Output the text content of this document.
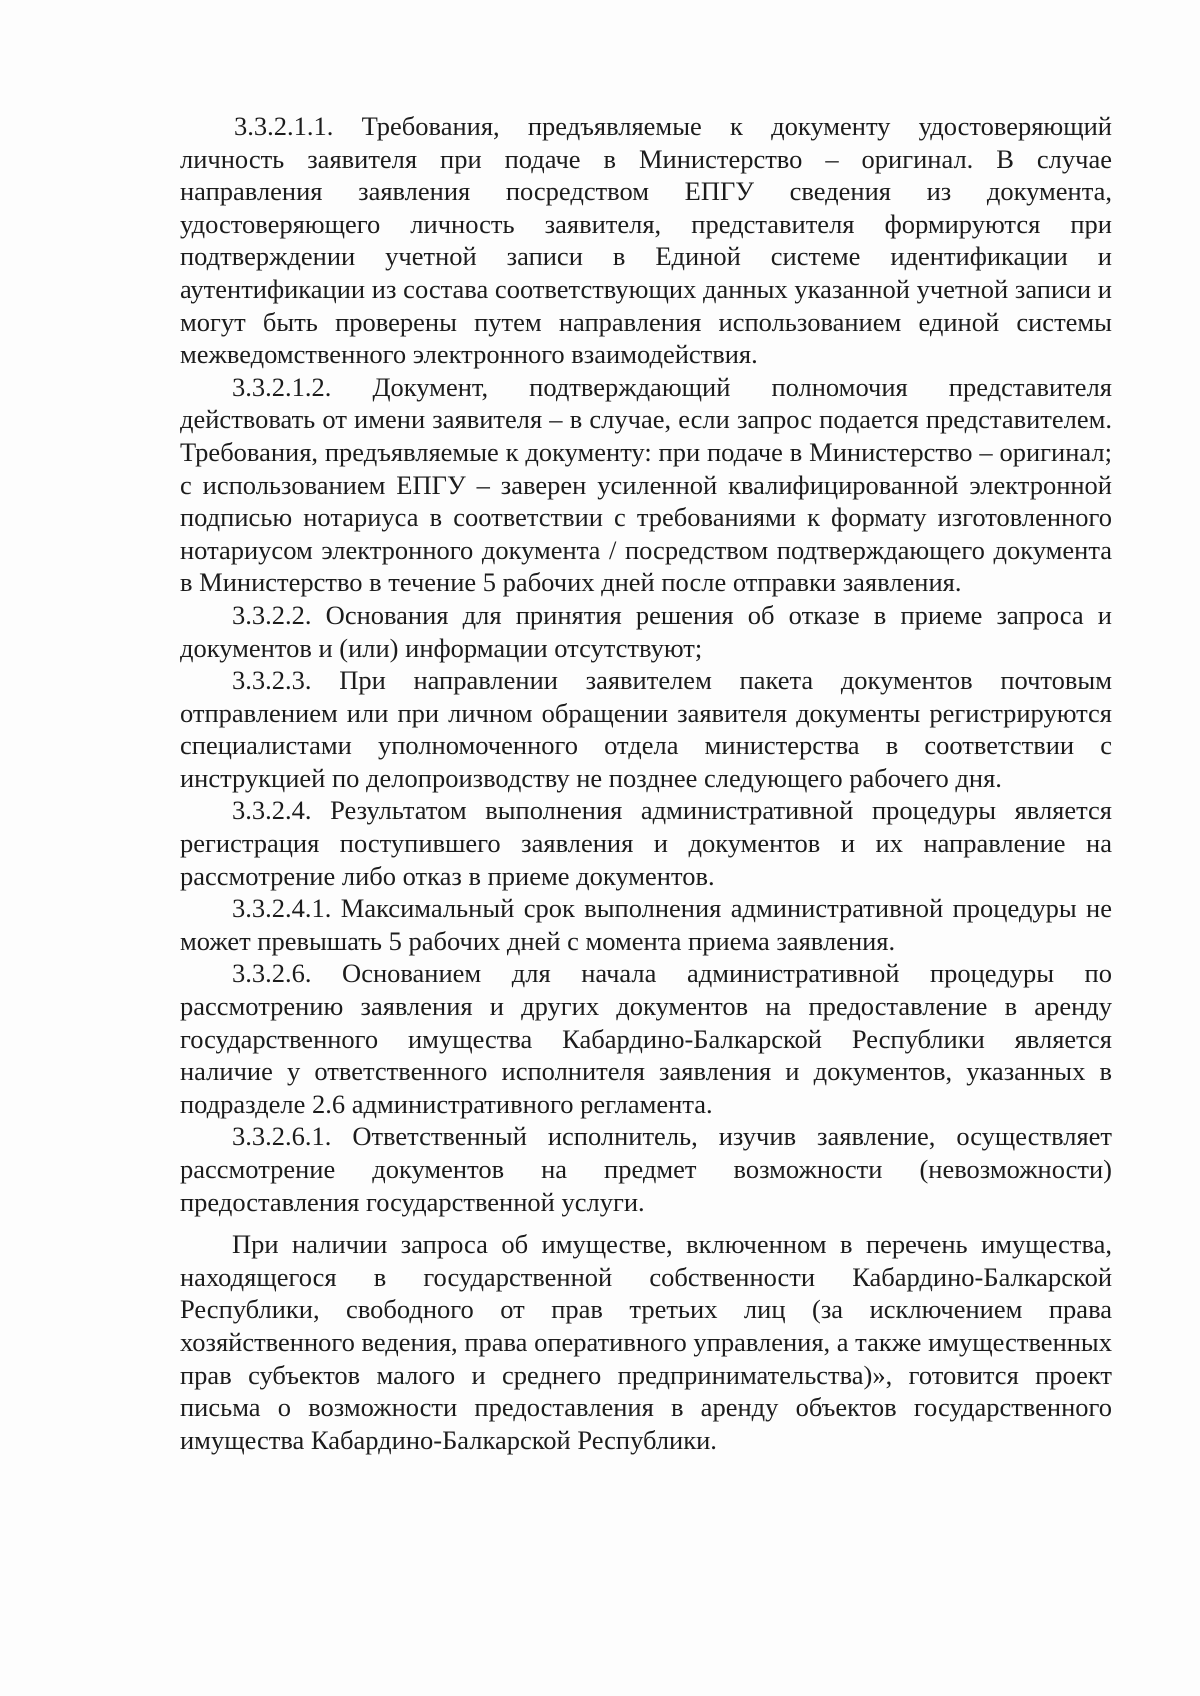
3.3.2.1.1. Требования, предъявляемые к документу удостоверяющий личность заявителя при подаче в Министерство – оригинал. В случае направления заявления посредством ЕПГУ сведения из документа, удостоверяющего личность заявителя, представителя формируются при подтверждении учетной записи в Единой системе идентификации и аутентификации из состава соответствующих данных указанной учетной записи и могут быть проверены путем направления использованием единой системы межведомственного электронного взаимодействия.

3.3.2.1.2. Документ, подтверждающий полномочия представителя действовать от имени заявителя – в случае, если запрос подается представителем. Требования, предъявляемые к документу: при подаче в Министерство – оригинал; с использованием ЕПГУ – заверен усиленной квалифицированной электронной подписью нотариуса в соответствии с требованиями к формату изготовленного нотариусом электронного документа / посредством подтверждающего документа в Министерство в течение 5 рабочих дней после отправки заявления.

3.3.2.2. Основания для принятия решения об отказе в приеме запроса и документов и (или) информации отсутствуют;

3.3.2.3. При направлении заявителем пакета документов почтовым отправлением или при личном обращении заявителя документы регистрируются специалистами уполномоченного отдела министерства в соответствии с инструкцией по делопроизводству не позднее следующего рабочего дня.

3.3.2.4. Результатом выполнения административной процедуры является регистрация поступившего заявления и документов и их направление на рассмотрение либо отказ в приеме документов.

3.3.2.4.1. Максимальный срок выполнения административной процедуры не может превышать 5 рабочих дней с момента приема заявления.

3.3.2.6. Основанием для начала административной процедуры по рассмотрению заявления и других документов на предоставление в аренду государственного имущества Кабардино-Балкарской Республики является наличие у ответственного исполнителя заявления и документов, указанных в подразделе 2.6 административного регламента.

3.3.2.6.1. Ответственный исполнитель, изучив заявление, осуществляет рассмотрение документов на предмет возможности (невозможности) предоставления государственной услуги.

При наличии запроса об имуществе, включенном в перечень имущества, находящегося в государственной собственности Кабардино-Балкарской Республики, свободного от прав третьих лиц (за исключением права хозяйственного ведения, права оперативного управления, а также имущественных прав субъектов малого и среднего предпринимательства)», готовится проект письма о возможности предоставления в аренду объектов государственного имущества Кабардино-Балкарской Республики.
